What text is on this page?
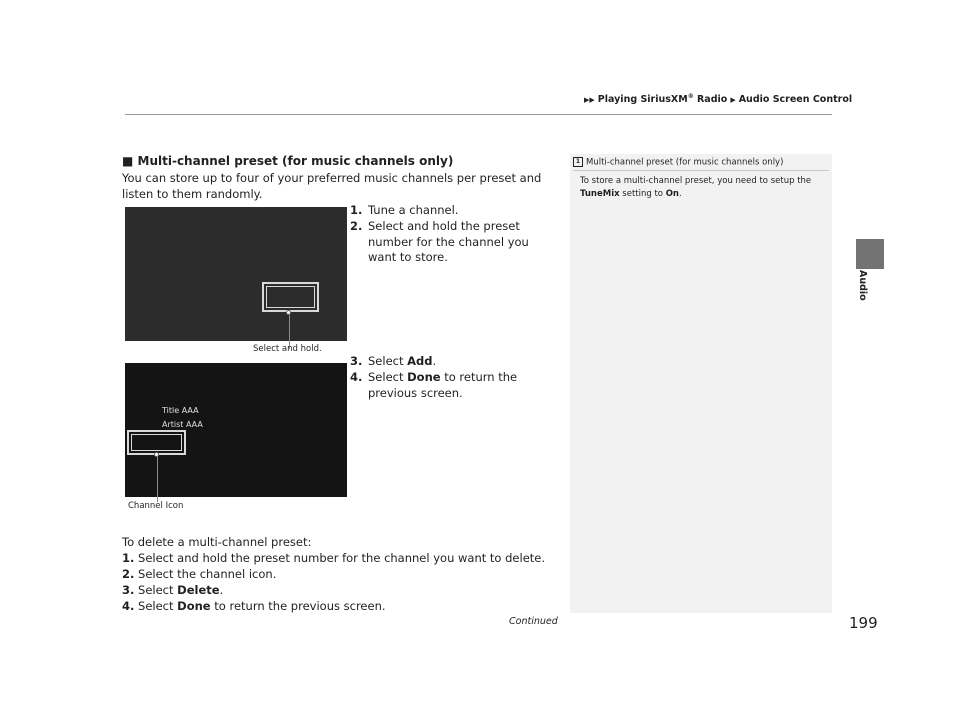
▶▶ Playing SiriusXM® Radio ▶ Audio Screen Control
Audio
■ Multi-channel preset (for music channels only)
You can store up to four of your preferred music channels per preset and listen to them randomly.
1. Tune a channel.
2. Select and hold the preset number for the channel you want to store.
Select and hold.
3. Select Add.
4. Select Done to return the previous screen.
Title AAA
Artist AAA
Channel Icon
To delete a multi-channel preset:
1. Select and hold the preset number for the channel you want to delete.
2. Select the channel icon.
3. Select Delete.
4. Select Done to return the previous screen.
1 Multi-channel preset (for music channels only)
To store a multi-channel preset, you need to setup the TuneMix setting to On.
Continued	199
